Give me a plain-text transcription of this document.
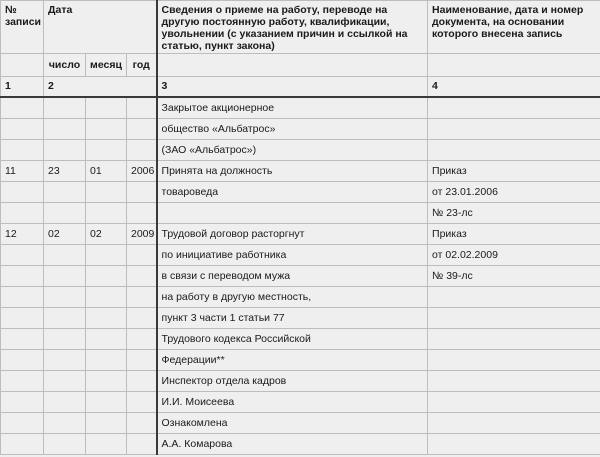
№ записи	Дата			Сведения о приеме на работу, переводе на другую постоянную работу, квалификации, увольнении (с указанием причин и ссылкой на статью, пункт закона)	Наименование, дата и номер документа, на основании которого внесена запись
	число	месяц	год		
1	2			3	4
				Закрытое акционерное	
				общество «Альбатрос»	
				(ЗАО «Альбатрос»)	
11	23	01	2006	Принята на должность	Приказ
				товароведа	от 23.01.2006
					№ 23-лс
12	02	02	2009	Трудовой договор расторгнут	Приказ
				по инициативе работника	от 02.02.2009
				в связи с переводом мужа	№ 39-лс
				на работу в другую местность,	
				пункт 3 части 1 статьи 77	
				Трудового кодекса Российской	
				Федерации**	
				Инспектор отдела кадров	
				И.И. Моисеева	
				Ознакомлена	
				А.А. Комарова	
